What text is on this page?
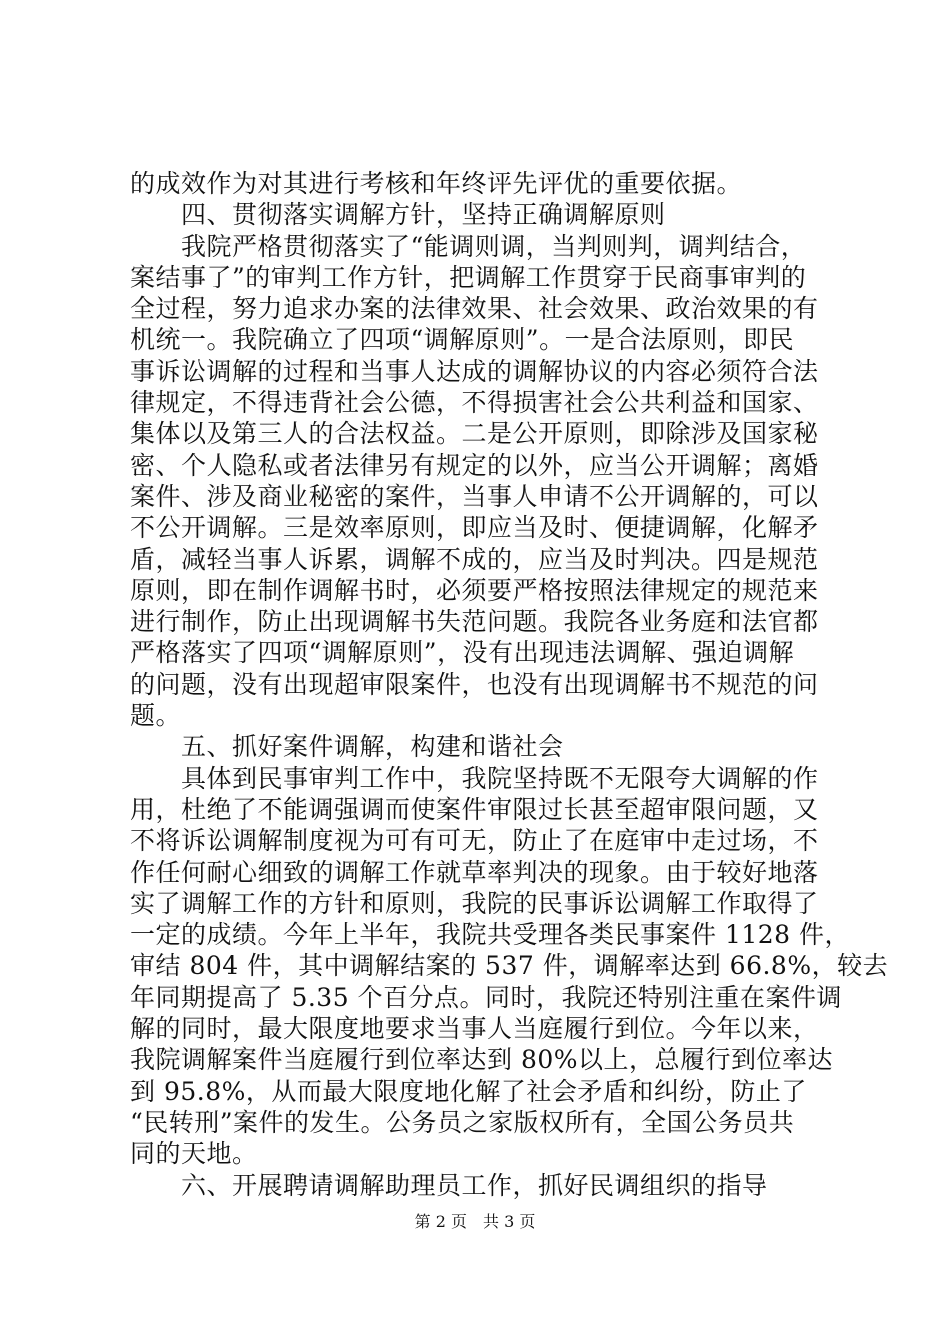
的成效作为对其进行考核和年终评先评优的重要依据。
　　四、贯彻落实调解方针，坚持正确调解原则
　　我院严格贯彻落实了“能调则调，当判则判，调判结合，
案结事了”的审判工作方针，把调解工作贯穿于民商事审判的
全过程，努力追求办案的法律效果、社会效果、政治效果的有
机统一。我院确立了四项“调解原则”。一是合法原则，即民
事诉讼调解的过程和当事人达成的调解协议的内容必须符合法
律规定，不得违背社会公德，不得损害社会公共利益和国家、
集体以及第三人的合法权益。二是公开原则，即除涉及国家秘
密、个人隐私或者法律另有规定的以外，应当公开调解；离婚
案件、涉及商业秘密的案件，当事人申请不公开调解的，可以
不公开调解。三是效率原则，即应当及时、便捷调解，化解矛
盾，减轻当事人诉累，调解不成的，应当及时判决。四是规范
原则，即在制作调解书时，必须要严格按照法律规定的规范来
进行制作，防止出现调解书失范问题。我院各业务庭和法官都
严格落实了四项“调解原则”，没有出现违法调解、强迫调解
的问题，没有出现超审限案件，也没有出现调解书不规范的问
题。
　　五、抓好案件调解，构建和谐社会
　　具体到民事审判工作中，我院坚持既不无限夸大调解的作
用，杜绝了不能调强调而使案件审限过长甚至超审限问题，又
不将诉讼调解制度视为可有可无，防止了在庭审中走过场，不
作任何耐心细致的调解工作就草率判决的现象。由于较好地落
实了调解工作的方针和原则，我院的民事诉讼调解工作取得了
一定的成绩。今年上半年，我院共受理各类民事案件 1128 件，
审结 804 件，其中调解结案的 537 件，调解率达到 66.8%，较去
年同期提高了 5.35 个百分点。同时，我院还特别注重在案件调
解的同时，最大限度地要求当事人当庭履行到位。今年以来，
我院调解案件当庭履行到位率达到 80%以上，总履行到位率达
到 95.8%，从而最大限度地化解了社会矛盾和纠纷，防止了
“民转刑”案件的发生。公务员之家版权所有，全国公务员共
同的天地。
　　六、开展聘请调解助理员工作，抓好民调组织的指导
第 2 页　共 3 页
